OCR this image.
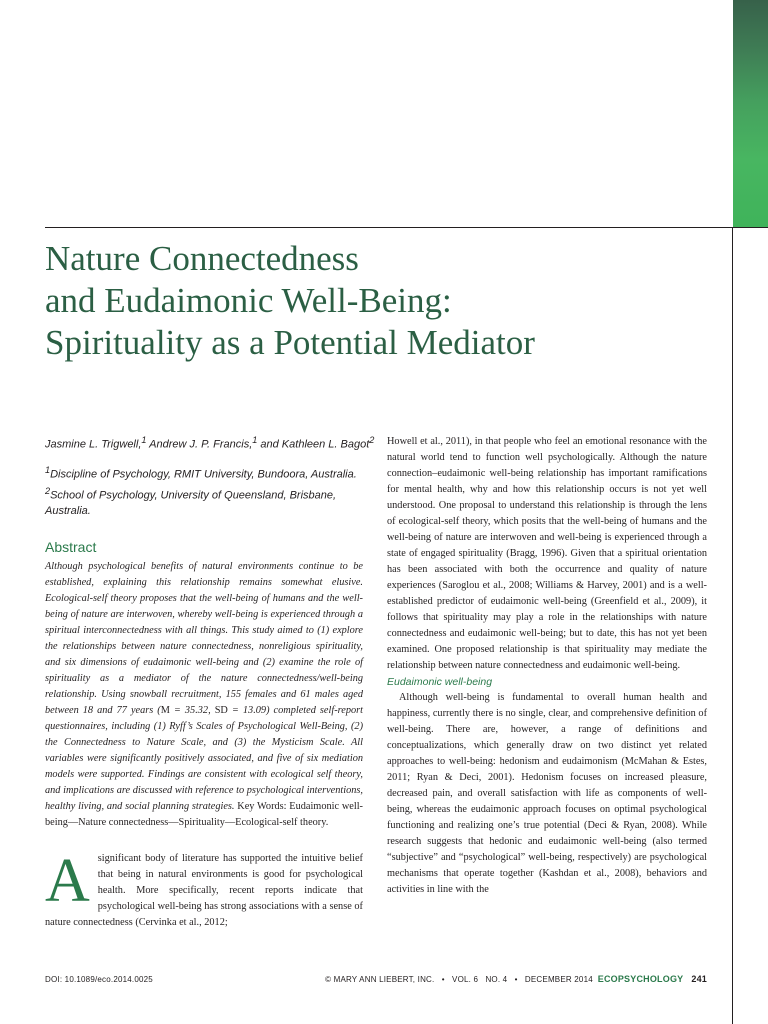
Nature Connectedness
and Eudaimonic Well-Being:
Spirituality as a Potential Mediator
Jasmine L. Trigwell,$^1$ Andrew J. P. Francis,$^1$ and Kathleen L. Bagot$^2$

$^1$Discipline of Psychology, RMIT University, Bundoora, Australia.

$^2$School of Psychology, University of Queensland, Brisbane, Australia.

Abstract
Although psychological benefits of natural environments continue to be established, explaining this relationship remains somewhat elusive. Ecological-self theory proposes that the well-being of humans and the well-being of nature are interwoven, whereby well-being is experienced through a spiritual interconnectedness with all things. This study aimed to (1) explore the relationships between nature connectedness, nonreligious spirituality, and six dimensions of eudaimonic well-being and (2) examine the role of spirituality as a mediator of the nature connectedness/well-being relationship. Using snowball recruitment, 155 females and 61 males aged between 18 and 77 years (M = 35.32, SD = 13.09) completed self-report questionnaires, including (1) Ryff’s Scales of Psychological Well-Being, (2) the Connectedness to Nature Scale, and (3) the Mysticism Scale. All variables were significantly positively associated, and five of six mediation models were supported. Findings are consistent with ecological self theory, and implications are discussed with reference to psychological interventions, healthy living, and social planning strategies. Key Words: Eudaimonic well-being—Nature connectedness—Spirituality—Ecological-self theory.
Asignificant body of literature has supported the intuitive belief that being in natural environments is good for psychological health. More specifically, recent reports indicate that psychological well-being has strong associations with a sense of nature connectedness (Cervinka et al., 2012;

Howell et al., 2011), in that people who feel an emotional resonance with the natural world tend to function well psychologically. Although the nature connection–eudaimonic well-being relationship has important ramifications for mental health, why and how this relationship occurs is not yet well understood. One proposal to understand this relationship is through the lens of ecological-self theory, which posits that the well-being of humans and the well-being of nature are interwoven and well-being is experienced through a state of engaged spirituality (Bragg, 1996). Given that a spiritual orientation has been associated with both the occurrence and quality of nature experiences (Saroglou et al., 2008; Williams & Harvey, 2001) and is a well-established predictor of eudaimonic well-being (Greenfield et al., 2009), it follows that spirituality may play a role in the relationships with nature connectedness and eudaimonic well-being; but to date, this has not yet been examined. One proposed relationship is that spirituality may mediate the relationship between nature connectedness and eudaimonic well-being.

Eudaimonic well-being

Although well-being is fundamental to overall human health and happiness, currently there is no single, clear, and comprehensive definition of well-being. There are, however, a range of definitions and conceptualizations, which generally draw on two distinct yet related approaches to well-being: hedonism and eudaimonism (McMahan & Estes, 2011; Ryan & Deci, 2001). Hedonism focuses on increased pleasure, decreased pain, and overall satisfaction with life as components of well-being, whereas the eudaimonic approach focuses on optimal psychological functioning and realizing one’s true potential (Deci & Ryan, 2008). While research suggests that hedonic and eudaimonic well-being (also termed “subjective” and “psychological” well-being, respectively) are psychological mechanisms that operate together (Kashdan et al., 2008), behaviors and activities in line with the

DOI: 10.1089/eco.2014.0025	© MARY ANN LIEBERT, INC. • VOL. 6 NO. 4 • DECEMBER 2014 ECOPSYCHOLOGY 241
